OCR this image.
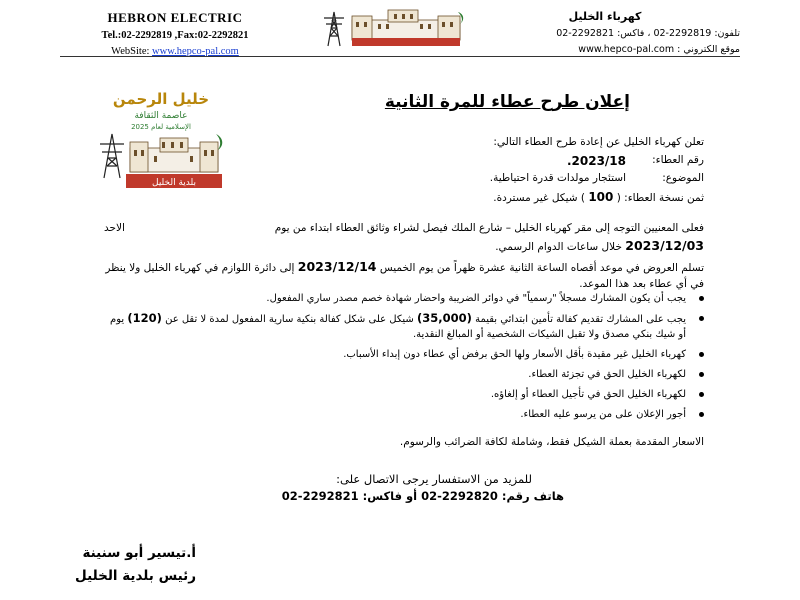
HEBRON ELECTRIC
Tel.:02-2292819 ,Fax:02-2292821
WebSite: www.hepco-pal.com
كهرباء الخليل
تلفون: 2292819-02 ، فاكس: 2292821-02
موقع الكتروني : www.hepco-pal.com
خليل الرحمن
عاصمة الثقافة
الإسلامية لعام 2025
بلدية الخليل
إعلان طرح عطاء للمرة الثانية
تعلن كهرباء الخليل عن إعادة طرح العطاء التالي:
رقم العطاء:
2023/18.
الموضوع:
استئجار مولدات قدرة احتياطية.
ثمن نسخة العطاء: ( 100 ) شيكل غير مستردة.
فعلى المعنيين التوجه إلى مقر كهرباء الخليل – شارع الملك فيصل لشراء وثائق العطاء ابتداء من يوم
الاحد
2023/12/03 خلال ساعات الدوام الرسمي.
تسلم العروض في موعد أقصاه الساعة الثانية عشرة ظهراً من يوم الخميس 2023/12/14 إلى دائرة اللوازم في كهرباء الخليل ولا ينظر في أي عطاء بعد هذا الموعد.
يجب أن يكون المشارك مسجلاً "رسمياً" في دوائر الضريبة واحضار شهادة خصم مصدر ساري المفعول.
يجب على المشارك تقديم كفالة تأمين ابتدائي بقيمة (35,000) شيكل على شكل كفالة بنكية سارية المفعول لمدة لا تقل عن (120) يوم أو شيك بنكي مصدق ولا تقبل الشيكات الشخصية أو المبالغ النقدية.
كهرباء الخليل غير مقيدة بأقل الأسعار ولها الحق برفض أي عطاء دون إبداء الأسباب.
لكهرباء الخليل الحق في تجزئة العطاء.
لكهرباء الخليل الحق في تأجيل العطاء أو إلغاؤه.
أجور الإعلان على من يرسو عليه العطاء.
الاسعار المقدمة بعملة الشيكل فقط، وشاملة لكافة الضرائب والرسوم.
للمزيد من الاستفسار يرجى الاتصال على:
هاتف رقم: 2292820-02 أو فاكس: 2292821-02
أ.تيسير أبو سنينة
رئيس بلدية الخليل
